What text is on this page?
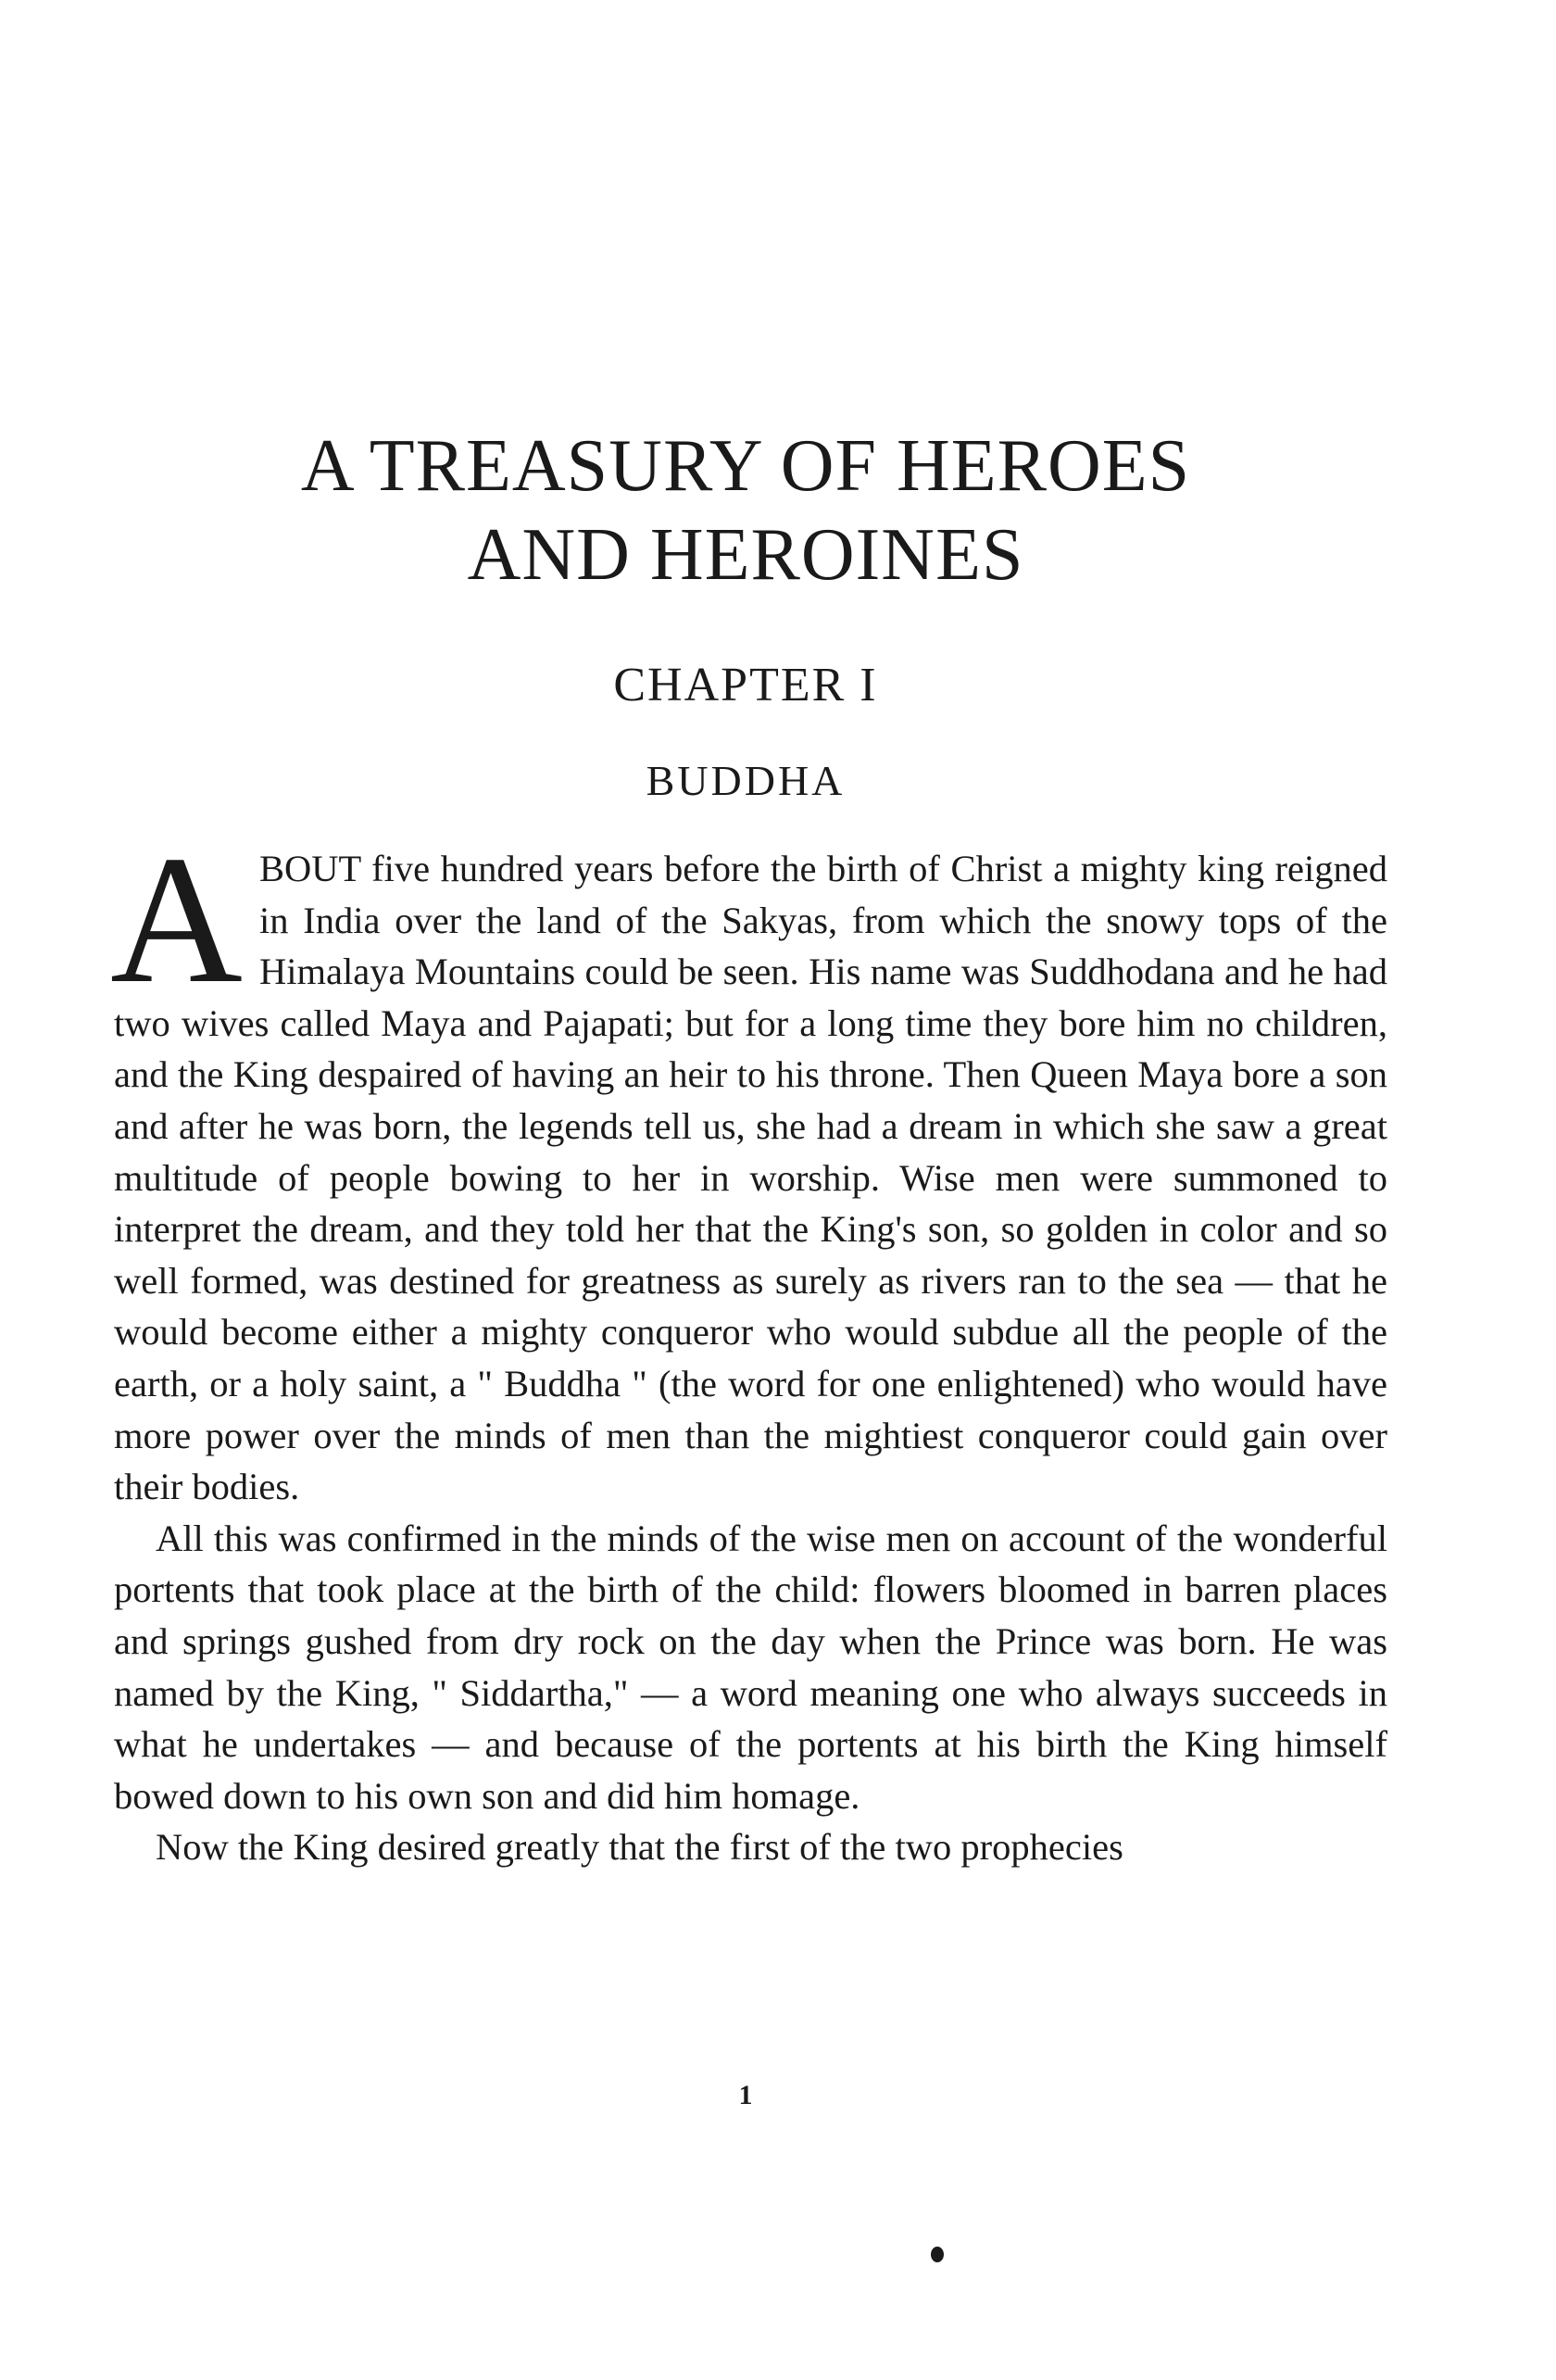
A TREASURY OF HEROES
AND HEROINES
CHAPTER I
BUDDHA
A BOUT five hundred years before the birth of Christ a mighty king reigned in India over the land of the Sakyas, from which the snowy tops of the Himalaya Mountains could be seen. His name was Suddhodana and he had two wives called Maya and Pajapati; but for a long time they bore him no children, and the King despaired of having an heir to his throne. Then Queen Maya bore a son and after he was born, the legends tell us, she had a dream in which she saw a great multitude of people bowing to her in worship. Wise men were summoned to interpret the dream, and they told her that the King's son, so golden in color and so well formed, was destined for greatness as surely as rivers ran to the sea — that he would become either a mighty conqueror who would subdue all the people of the earth, or a holy saint, a " Buddha " (the word for one enlightened) who would have more power over the minds of men than the mightiest conqueror could gain over their bodies.

All this was confirmed in the minds of the wise men on account of the wonderful portents that took place at the birth of the child: flowers bloomed in barren places and springs gushed from dry rock on the day when the Prince was born. He was named by the King, " Siddartha," — a word meaning one who always succeeds in what he undertakes — and because of the portents at his birth the King himself bowed down to his own son and did him homage.

Now the King desired greatly that the first of the two prophecies

1
